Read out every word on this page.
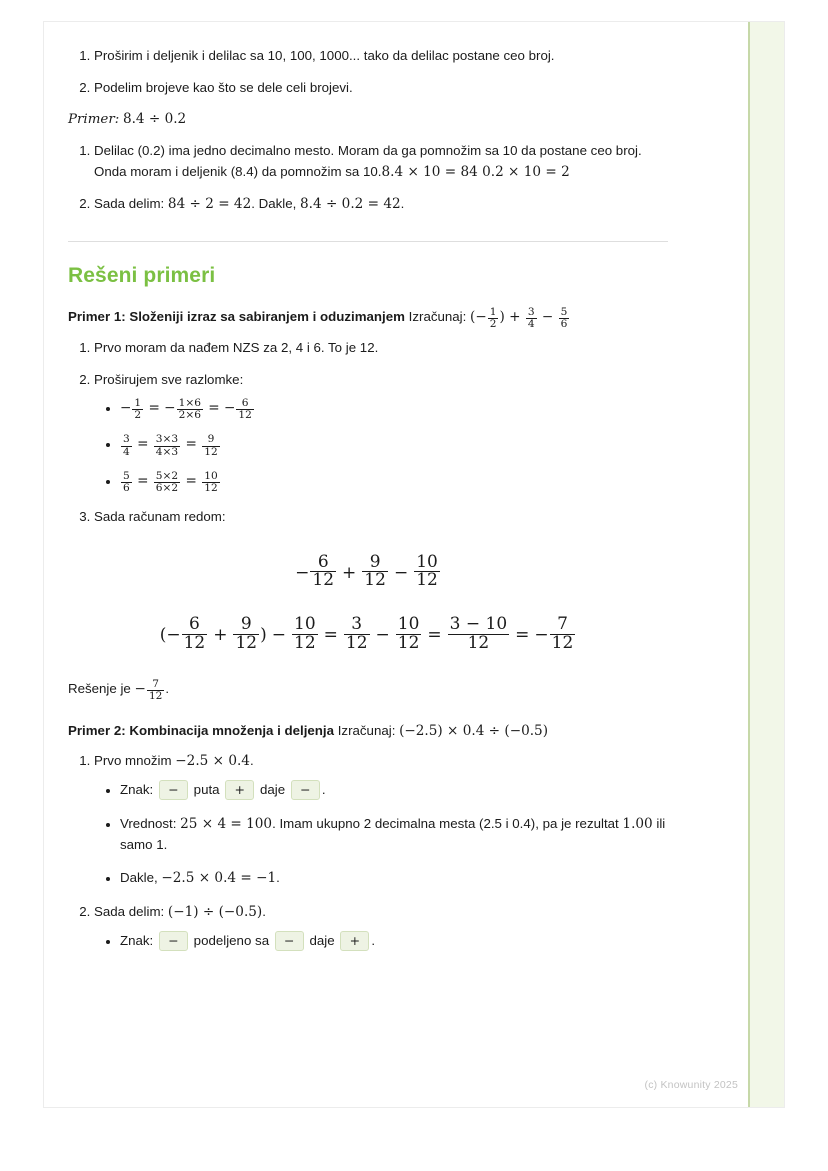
1. Proširim i deljenik i delilac sa 10, 100, 1000... tako da delilac postane ceo broj.
2. Podelim brojeve kao što se dele celi brojevi.

Primer: 8.4 ÷ 0.2

1. Delilac (0.2) ima jedno decimalno mesto. Moram da ga pomnožim sa 10 da postane ceo broj. Onda moram i deljenik (8.4) da pomnožim sa 10.8.4 × 10 = 84 0.2 × 10 = 2
2. Sada delim: 84 ÷ 2 = 42. Dakle, 8.4 ÷ 0.2 = 42.
Rešeni primeri
Primer 1: Složeniji izraz sa sabiranjem i oduzimanjem Izračunaj: (− $\frac{1}{2}$ ) + $\frac{3}{4} - \frac{5}{6}$
1. Prvo moram da nađem NZS za 2, 4 i 6. To je 12.
2. Proširujem sve razlomke:
• − $\frac{1}{2}$ = − $\frac{1\times 6}{2\times 6}$ = − $\frac{6}{12}$
• $\frac{3}{4} = \frac{3\times 3}{4\times 3} = \frac{9}{12}$
• $\frac{5}{6} = \frac{5\times 2}{6\times 2} = \frac{10}{12}$
3. Sada računam redom:
− $\frac{6}{12} + \frac{9}{12} - \frac{10}{12}$
(− $\frac{6}{12} + \frac{9}{12}$ ) − $\frac{10}{12} = \frac{3}{12} - \frac{10}{12} = \frac{3 - 10}{12}$ = − $\frac{7}{12}$

Rešenje je − $\frac{7}{12}$ .

Primer 2: Kombinacija množenja i deljenja Izračunaj: (−2.5) × 0.4 ÷ (−0.5)
1. Prvo množim −2.5 × 0.4.
• Znak: − puta + daje − .
• Vrednost: 25 × 4 = 100. Imam ukupno 2 decimalna mesta (2.5 i 0.4), pa je rezultat 1.00 ili samo 1.
• Dakle, −2.5 × 0.4 = −1.
2. Sada delim: (−1) ÷ (−0.5).
• Znak: − podeljeno sa − daje + .
(c) Knowunity 2025
